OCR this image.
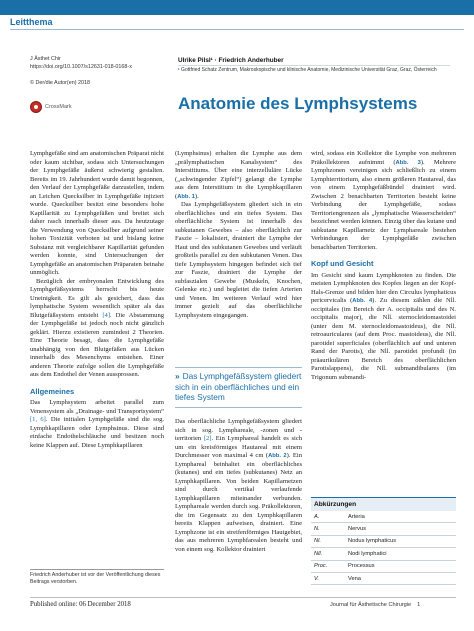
Leitthema
J Ästhet Chir
https://doi.org/10.1007/s12631-018-0168-x
© Der/die Autor(en) 2018
CrossMark
Ulrike Pilsl¹ · Friedrich Anderhuber
¹ Gottfried Schatz Zentrum, Makroskopische und klinische Anatomie, Medizinische Universität Graz, Graz, Österreich
Anatomie des Lymphsystems

Lymphgefäße sind am anatomischen Präparat nicht oder kaum sichtbar, sodass sich Untersuchungen der Lymphgefäße äußerst schwierig gestalten. Bereits im 19. Jahrhundert wurde damit begonnen, den Verlauf der Lymphgefäße darzustellen, indem an Leichen Quecksilber in Lymphgefäße injiziert wurde. Quecksilber besitzt eine besonders hohe Kapillarität zu Lymphgefäßen und breitet sich daher rasch innerhalb dieser aus. Da heutzutage die Verwendung von Quecksilber aufgrund seiner hohen Toxizität verboten ist und bislang keine Substanz mit vergleichbarer Kapillarität gefunden werden konnte, sind Untersuchungen der Lymphgefäße an anatomischen Präparaten beinahe unmöglich.

Bezüglich der embryonalen Entwicklung des Lymphgefäßsystems herrscht bis heute Uneinigkeit. Es gilt als gesichert, dass das lymphatische System wesentlich später als das Blutgefäßsystem entsteht [4]. Die Abstammung der Lymphgefäße ist jedoch noch nicht gänzlich geklärt. Hierzu existieren zumindest 2 Theorien. Eine Theorie besagt, dass die Lymphgefäße unabhängig von den Blutgefäßen aus Lücken innerhalb des Mesenchyms entstehen. Einer anderen Theorie zufolge sollen die Lymphgefäße aus dem Endothel der Venen aussprossen.

Allgemeines

Das Lymphsystem arbeitet parallel zum Venensystem als „Drainage- und Transportsystem“ [1, 6]. Die initialen Lymphgefäße sind die sog. Lymphkapillaren oder Lymphsinus. Diese sind einfache Endothelschläuche und besitzen noch keine Klappen auf. Diese Lymphkapillaren

Friedrich Anderhuber ist vor der Veröffentlichung dieses Beitrags verstorben.

(Lymphsinus) erhalten die Lymphe aus dem „prälymphatischen Kanalsystem“ des Interstitiums. Über eine interzelluläre Lücke („schwingender Zipfel“) gelangt die Lymphe aus dem Interstitium in die Lymphkapillaren (Abb. 1).

Das Lymphgefäßsystem gliedert sich in ein oberflächliches und ein tiefes System. Das oberflächliche System ist innerhalb des subkutanen Gewebes – also oberflächlich zur Faszie – lokalisiert, drainiert die Lymphe der Haut und des subkutanen Gewebes und verläuft großteils parallel zu den subkutanen Venen. Das tiefe Lymphsystem hingegen befindet sich tief zur Faszie, drainiert die Lymphe der subfaszialen Gewebe (Muskeln, Knochen, Gelenke etc.) und begleitet die tiefen Arterien und Venen. Im weiteren Verlauf wird hier immer gezielt auf das oberflächliche Lymphsystem eingegangen.

» Das Lymphgefäßsystem gliedert sich in ein oberflächliches und ein tiefes System

Das oberflächliche Lymphgefäßsystem gliedert sich in sog. Lymphareale, -zonen und -territorien [2]. Ein Lymphareal handelt es sich um ein kreisförmiges Hautareal mit einem Durchmesser von maximal 4 cm (Abb. 2). Ein Lymphareal beinhaltet ein oberflächliches (kutanes) und ein tiefes (subkutanes) Netz an Lymphkapillaren. Von beiden Kapillarnetzen sind durch vertikal verlaufende Lymphkapillaren miteinander verbunden. Lymphareale werden durch sog. Präkollektoren, die im Gegensatz zu den Lymphkapillaren bereits Klappen aufweisen, drainiert. Eine Lymphzone ist ein streifenförmiges Hautgebiet, das aus mehreren Lymphfarealen besteht und von einem sog. Kollektor drainiert

wird, sodass ein Kollektor die Lymphe von mehreren Präkollektoren aufnimmt (Abb. 3). Mehrere Lymphzonen vereinigen sich schließlich zu einem Lymphterritorium, also einem größeren Hautareal, das von einem Lymphgefäßbündel drainiert wird. Zwischen 2 benachbarten Territorien besteht keine Verbindung der Lymphgefäße, sodass Territoriengrenzen als „lymphatische Wasserscheiden“ bezeichnet werden können. Einzig über das kutane und subkutane Kapillarnetz der Lymphareale bestehen Verbindungen der Lymphgefäße zwischen benachbarten Territorien.

Kopf und Gesicht

Im Gesicht sind kaum Lymphknoten zu finden. Die meisten Lymphknoten des Kopfes liegen an der Kopf-Hals-Grenze und bilden hier den Circulus lymphaticus pericervicalis (Abb. 4). Zu diesem zählen die Nll. occipitales (im Bereich der A. occipitalis und des N. occipitalis major), die Nll. sternocleidomastoidei (unter dem M. sternocleidomastoideus), die Nll. retroauriculares (auf dem Proc. mastoideus), die Nll. parotidei superficiales (oberflächlich auf und unteren Rand der Parotis), die Nll. parotidei profundi (in präaurikulären Bereich des oberflächlichen Parotislappens), die Nll. submandibulares (im Trigonum submandi-

Abkürzungen
A.	Arteria
N.	Nervus
Nl.	Nodus lymphaticus
Nll.	Nodi lymphatici
Proc.	Processus
V.	Vena
Published online: 06 December 2018	Journal für Ästhetische Chirurgie 1
